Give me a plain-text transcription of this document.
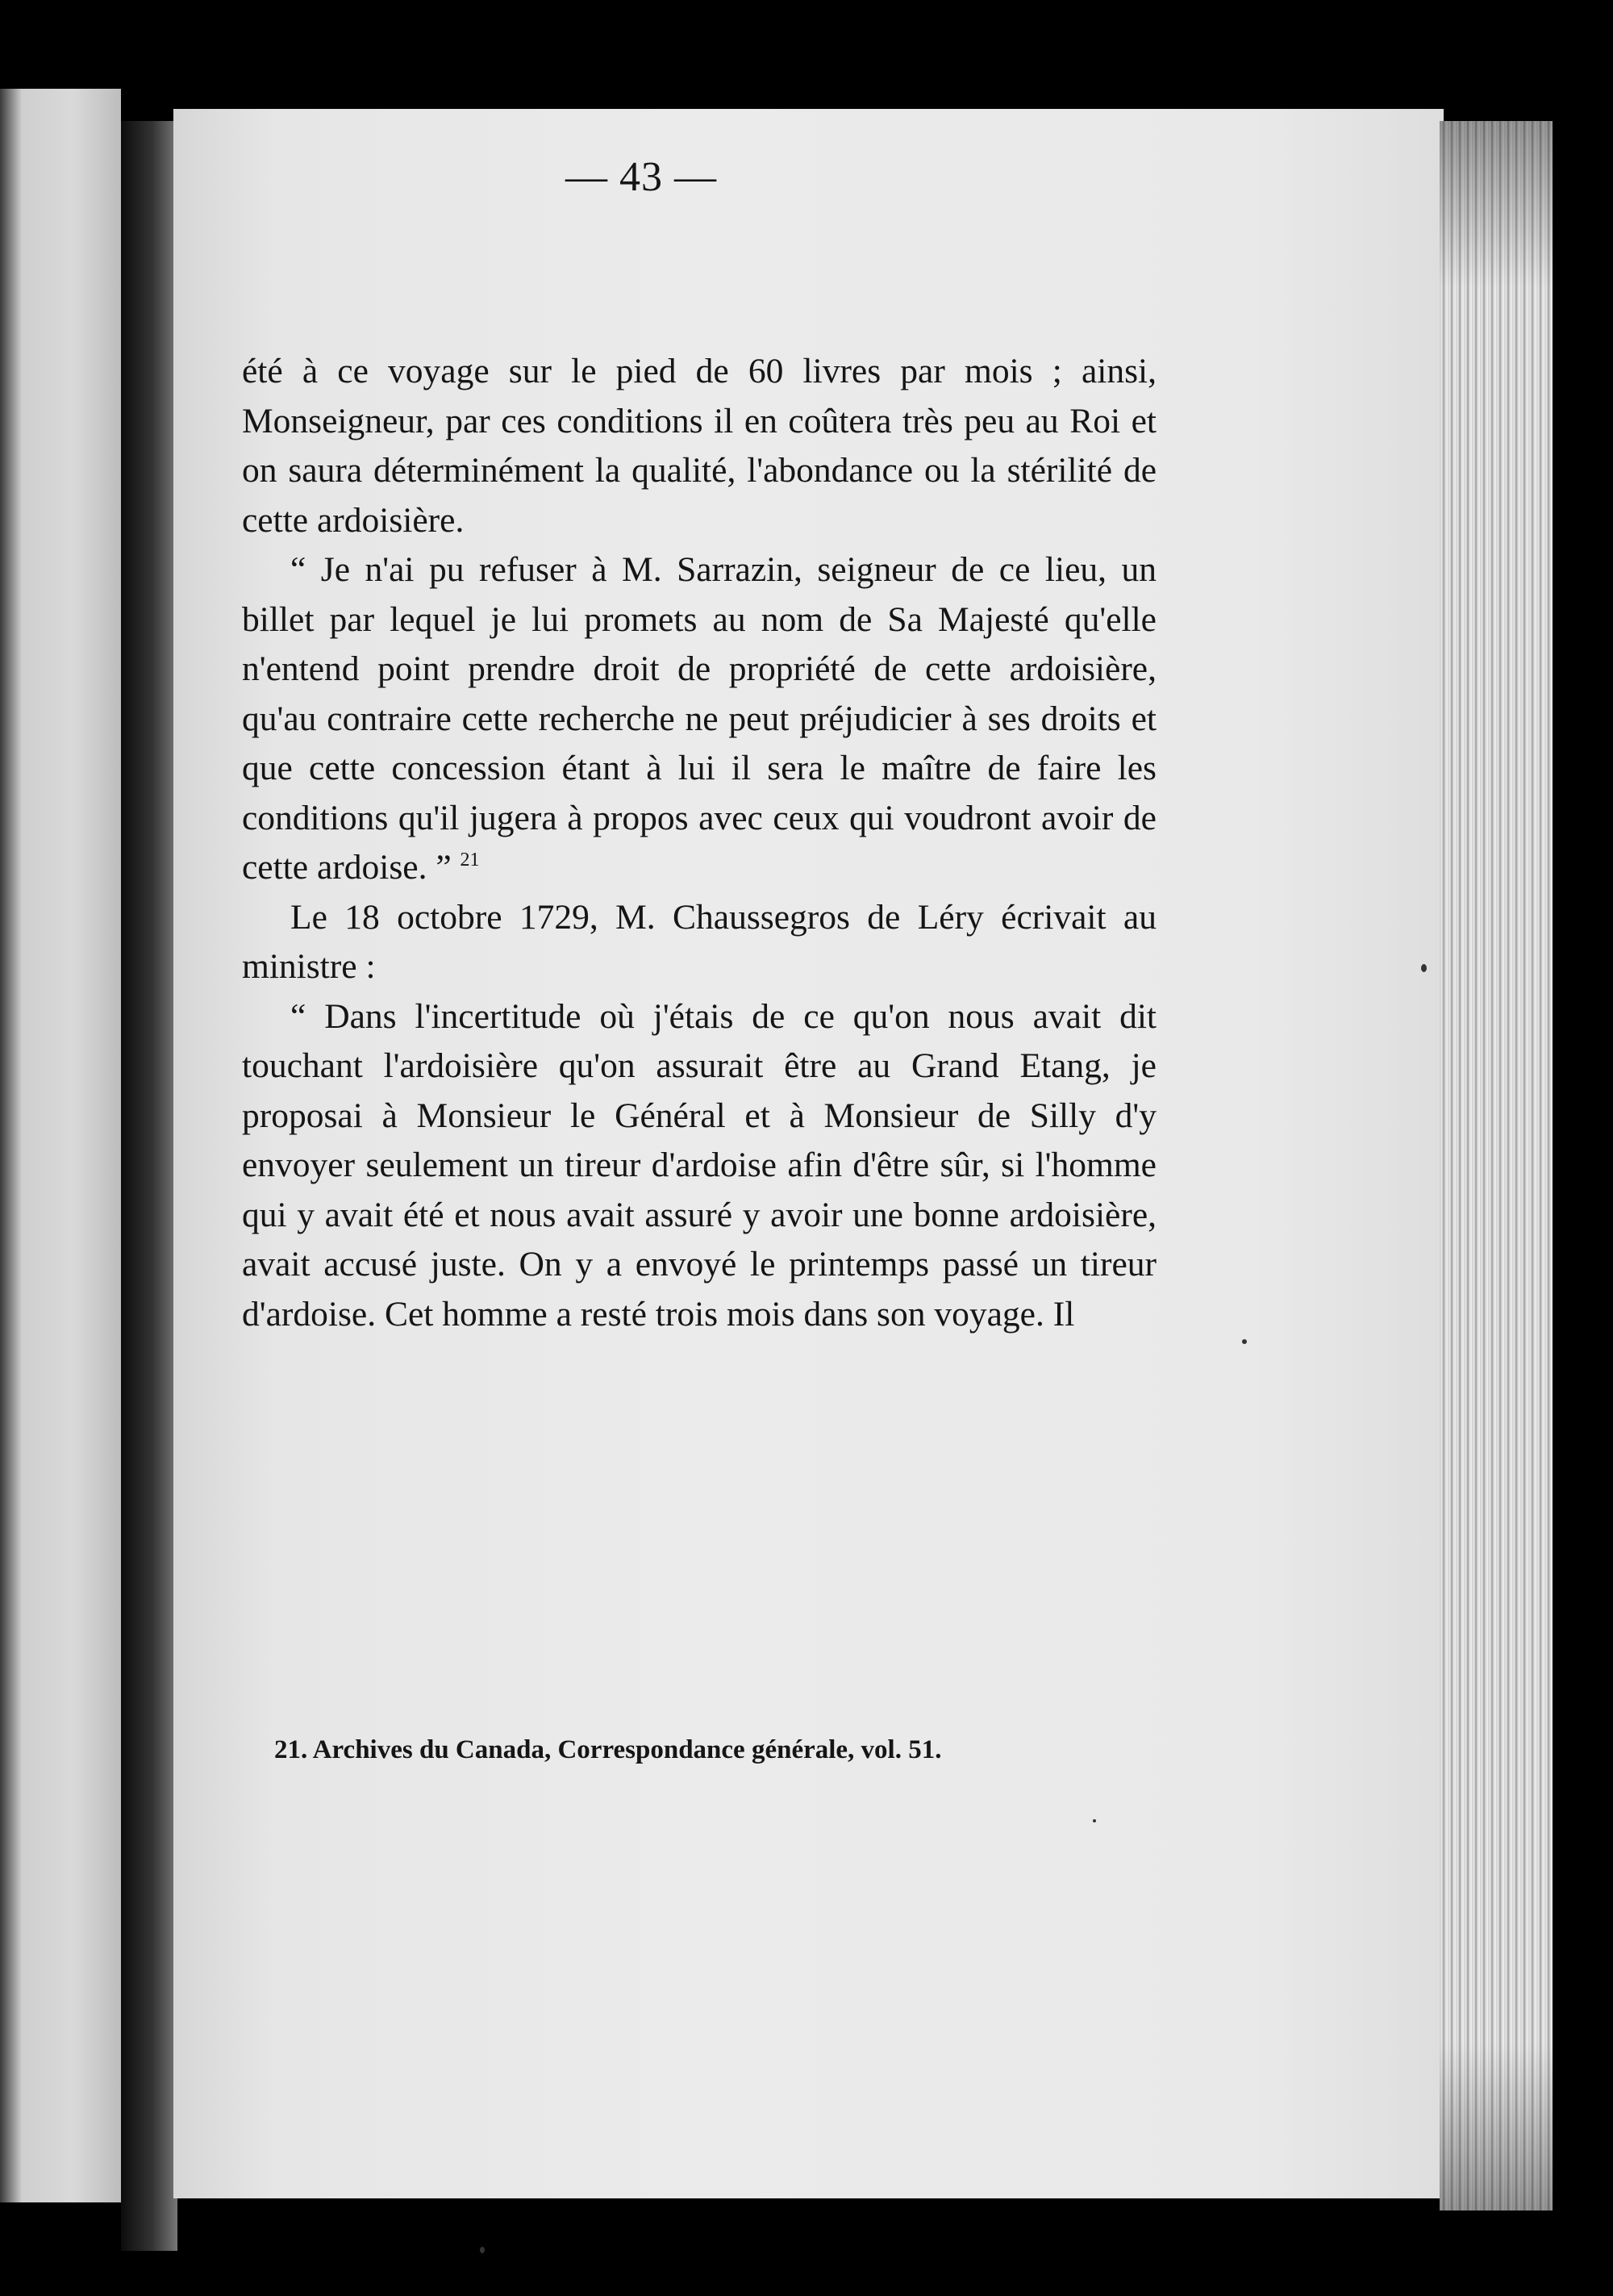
— 43 —

été à ce voyage sur le pied de 60 livres par mois ; ainsi, Monseigneur, par ces conditions il en coûtera très peu au Roi et on saura déterminément la qualité, l'abondance ou la stérilité de cette ardoisière.

“ Je n'ai pu refuser à M. Sarrazin, seigneur de ce lieu, un billet par lequel je lui promets au nom de Sa Majesté qu'elle n'entend point prendre droit de propriété de cette ardoisière, qu'au contraire cette recherche ne peut préjudicier à ses droits et que cette concession étant à lui il sera le maître de faire les conditions qu'il jugera à propos avec ceux qui voudront avoir de cette ardoise. ” $^{21}$

Le 18 octobre 1729, M. Chaussegros de Léry écrivait au ministre :

“ Dans l'incertitude où j'étais de ce qu'on nous avait dit touchant l'ardoisière qu'on assurait être au Grand Etang, je proposai à Monsieur le Général et à Monsieur de Silly d'y envoyer seulement un tireur d'ardoise afin d'être sûr, si l'homme qui y avait été et nous avait assuré y avoir une bonne ardoisière, avait accusé juste. On y a envoyé le printemps passé un tireur d'ardoise. Cet homme a resté trois mois dans son voyage. Il

21. Archives du Canada, Correspondance générale, vol. 51.
